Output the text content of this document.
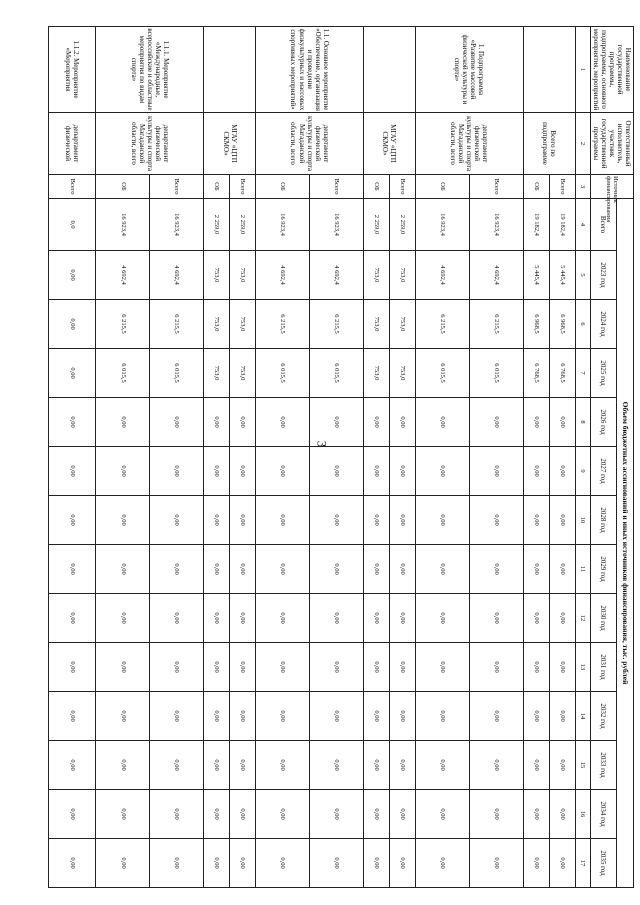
3
Наименование государственной программы, подпрограммы, основного мероприятия, мероприятий	Ответственный исполнитель, участник государственной программы	Источник финансирования	Объем бюджетных ассигнований и иных источников финансирования, тыс. рублей													
			Всего	2023 год	2024 год	2025 год	2026 год	2027 год	2028 год	2029 год	2030 год	2031 год	2032 год	2033 год	2034 год	2035 год
1	2	3	4	5	6	7	8	9	10	11	12	13	14	15	16	17
	Всего по подпрограмме	Всего	19 182,4	5 445,4	6 968,5	6 768,5	0,00	0,00	0,00	0,00	0,00	0,00	0,00	0,00	0,00	0,00
		ОБ	19 182,4	5 445,4	6 968,5	6 768,5	0,00	0,00	0,00	0,00	0,00	0,00	0,00	0,00	0,00	0,00
1. Подпрограмма «Развитие массовой физической культуры и спорта»	департамент физической культуры и спорта Магаданской области, всего	Всего	16 923,4	4 692,4	6 215,5	6 015,5	0,00	0,00	0,00	0,00	0,00	0,00	0,00	0,00	0,00	0,00
		ОБ	16 923,4	4 692,4	6 215,5	6 015,5	0,00	0,00	0,00	0,00	0,00	0,00	0,00	0,00	0,00	0,00
	МГАУ «ЦТП СКМО»	Всего	2 259,0	753,0	753,0	753,0	0,00	0,00	0,00	0,00	0,00	0,00	0,00	0,00	0,00	0,00
		ОБ	2 259,0	753,0	753,0	753,0	0,00	0,00	0,00	0,00	0,00	0,00	0,00	0,00	0,00	0,00
1.1. Основное мероприятие «Обеспечение, организация и проведение физкультурных и массовых спортивных мероприятий»	департамент физической культуры и спорта Магаданской области, всего	Всего	16 923,4	4 692,4	6 215,5	6 015,5	0,00	0,00	0,00	0,00	0,00	0,00	0,00	0,00	0,00	0,00
		ОБ	16 923,4	4 692,4	6 215,5	6 015,5	0,00	0,00	0,00	0,00	0,00	0,00	0,00	0,00	0,00	0,00
	МГАУ «ЦТП СКМО»	Всего	2 259,0	753,0	753,0	753,0	0,00	0,00	0,00	0,00	0,00	0,00	0,00	0,00	0,00	0,00
		ОБ	2 259,0	753,0	753,0	753,0	0,00	0,00	0,00	0,00	0,00	0,00	0,00	0,00	0,00	0,00
1.1.1. Мероприятие «Международные, всероссийские и областные мероприятия по видам спорта»	департамент физической культуры и спорта Магаданской области, всего	Всего	16 923,4	4 692,4	6 215,5	6 015,5	0,00	0,00	0,00	0,00	0,00	0,00	0,00	0,00	0,00	0,00
		ОБ	16 923,4	4 692,4	6 215,5	6 015,5	0,00	0,00	0,00	0,00	0,00	0,00	0,00	0,00	0,00	0,00
1.1.2. Мероприятие «Мероприятия	департамент физической	Всего	0,0	0,00	0,00	0,00	0,00	0,00	0,00	0,00	0,00	0,00	0,00	0,00	0,00	0,00
